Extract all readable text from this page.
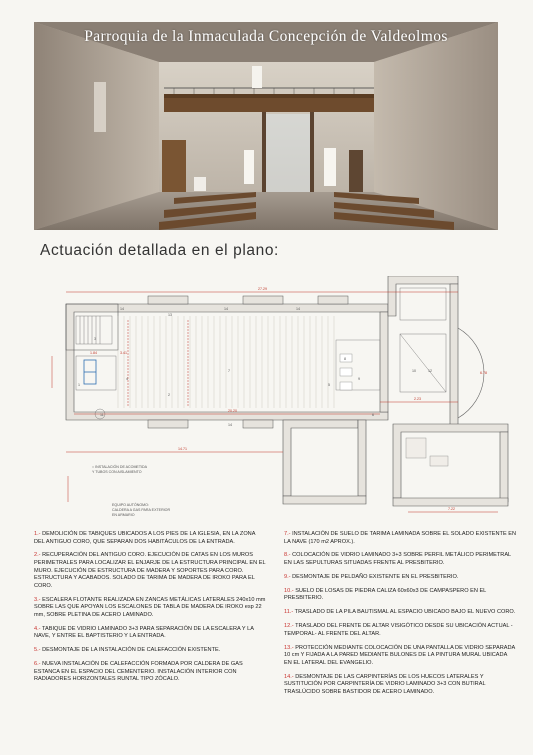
Parroquia de la Inmaculada Concepción de Valdeolmos
Actuación detallada en el plano:
27.29
20.20
14.71
2.23
7.22
1.84	3.41
6.78
14	14	14
14
7
8
2
3
4
5
6
9
10
11
12
13
1
○ INSTALACIÓN DE ACOMETIDA
Y TUBOS CON AISLAMIENTO
EQUIPO AUTÓNOMO:
CALDERA A GAS PARA EXTERIOR
EN ARMARIO
1.- DEMOLICIÓN DE TABIQUES UBICADOS A LOS PIES DE LA IGLESIA, EN LA ZONA DEL ANTIGUO CORO, QUE SEPARAN DOS HABITÁCULOS DE LA ENTRADA.
2.- RECUPERACIÓN DEL ANTIGUO CORO. EJECUCIÓN DE CATAS EN LOS MUROS PERIMETRALES PARA LOCALIZAR EL ENJARJE DE LA ESTRUCTURA PRINCIPAL EN EL MURO. EJECUCIÓN DE ESTRUCTURA DE MADERA Y SOPORTES PARA CORO. ESTRUCTURA Y ACABADOS. SOLADO DE TARIMA DE MADERA DE IROKO PARA EL CORO.
3.- ESCALERA FLOTANTE REALIZADA EN ZANCAS METÁLICAS LATERALES 240x10 mm SOBRE LAS QUE APOYAN LOS ESCALONES DE TABLA DE MADERA DE IROKO esp 22 mm, SOBRE PLETINA DE ACERO LAMINADO.
4.- TABIQUE DE VIDRIO LAMINADO 3+3 PARA SEPARACIÓN DE LA ESCALERA Y LA NAVE, Y ENTRE EL BAPTISTERIO Y LA ENTRADA.
5.- DESMONTAJE DE LA INSTALACIÓN DE CALEFACCIÓN EXISTENTE.
6.- NUEVA INSTALACIÓN DE CALEFACCIÓN FORMADA POR CALDERA DE GAS ESTANCA EN EL ESPACIO DEL CEMENTERIO. INSTALACIÓN INTERIOR CON RADIADORES HORIZONTALES RUNTAL TIPO ZÓCALO.
7.- INSTALACIÓN DE SUELO DE TARIMA LAMINADA SOBRE EL SOLADO EXISTENTE EN LA NAVE (170 m2 APROX.).
8.- COLOCACIÓN DE VIDRIO LAMINADO 3+3 SOBRE PERFIL METÁLICO PERIMETRAL EN LAS SEPULTURAS SITUADAS FRENTE AL PRESBITERIO.
9.- DESMONTAJE DE PELDAÑO EXISTENTE EN EL PRESBITERIO.
10.- SUELO DE LOSAS DE PIEDRA CALIZA 60x60x3 DE CAMPASPERO EN EL PRESBITERIO.
11.- TRASLADO DE LA PILA BAUTISMAL AL ESPACIO UBICADO BAJO EL NUEVO CORO.
12.- TRASLADO DEL FRENTE DE ALTAR VISIGÓTICO DESDE SU UBICACIÓN ACTUAL - TEMPORAL- AL FRENTE DEL ALTAR.
13.- PROTECCIÓN MEDIANTE COLOCACIÓN DE UNA PANTALLA DE VIDRIO SEPARADA 10 cm Y FIJADA A LA PARED MEDIANTE BULONES DE LA PINTURA MURAL UBICADA EN EL LATERAL DEL EVANGELIO.
14.- DESMONTAJE DE LAS CARPINTERÍAS DE LOS HUECOS LATERALES Y SUSTITUCIÓN POR CARPINTERÍA DE VIDRIO LAMINADO 3+3 CON BUTIRAL TRASLÚCIDO SOBRE BASTIDOR DE ACERO LAMINADO.
